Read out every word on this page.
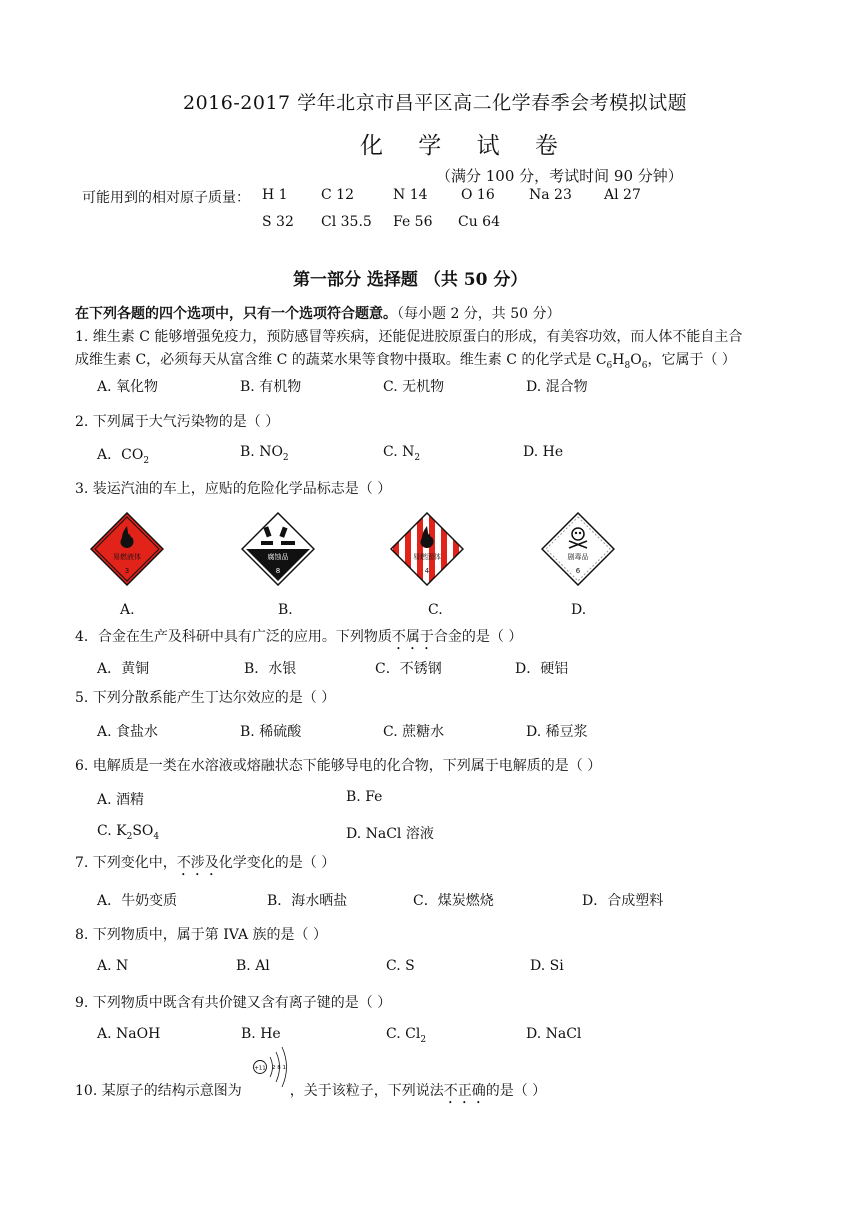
2016-2017 学年北京市昌平区高二化学春季会考模拟试题
化 学 试 卷
（满分 100 分，考试时间 90 分钟）
可能用到的相对原子质量： H 1 C 12	N 14 O 16 Na 23 Al 27
S 32 Cl 35.5 Fe 56 Cu 64
第一部分 选择题 （共 50 分）
在下列各题的四个选项中，只有一个选项符合题意。（每小题 2 分，共 50 分）
1. 维生素 C 能够增强免疫力，预防感冒等疾病，还能促进胶原蛋白的形成，有美容功效，而人体不能自主合
成维生素 C，必须每天从富含维 C 的蔬菜水果等食物中摄取。维生素 C 的化学式是 $C_6H_8O_6$，它属于（ ）
A. 氧化物	B. 有机物	C. 无机物	D. 混合物
2. 下列属于大气污染物的是（ ）
A．$CO_2$
B. $NO_2$	C. $N_2$	D. He
3. 装运汽油的车上，应贴的危险化学品标志是（ ）
易燃液体
3
腐蚀品
8
易燃固体
4
剧毒品
6
A.	B.	C.	D.
4．合金在生产及科研中具有广泛的应用。下列物质不属于合金的是（ ）
A．黄铜	B．水银	C．不锈钢	D．硬铝
5. 下列分散系能产生丁达尔效应的是（ ）
A. 食盐水	B. 稀硫酸	C. 蔗糖水	D. 稀豆浆
6. 电解质是一类在水溶液或熔融状态下能够导电的化合物，下列属于电解质的是（ ）
A. 酒精	B. Fe
C. $K_2SO_4$	D. NaCl 溶液
7. 下列变化中，不涉及化学变化的是（ ）
A．牛奶变质	B．海水晒盐	C．煤炭燃烧	D．合成塑料
8. 下列物质中，属于第 IVA 族的是（ ）
A. N	B. Al	C. S	D. Si
9. 下列物质中既含有共价键又含有离子键的是（ ）
A. NaOH	B. He	C. $Cl_2$	D. NaCl
10. 某原子的结构示意图为	，关于该粒子，下列说法不正确的是（ ）
+11 2 8 1
